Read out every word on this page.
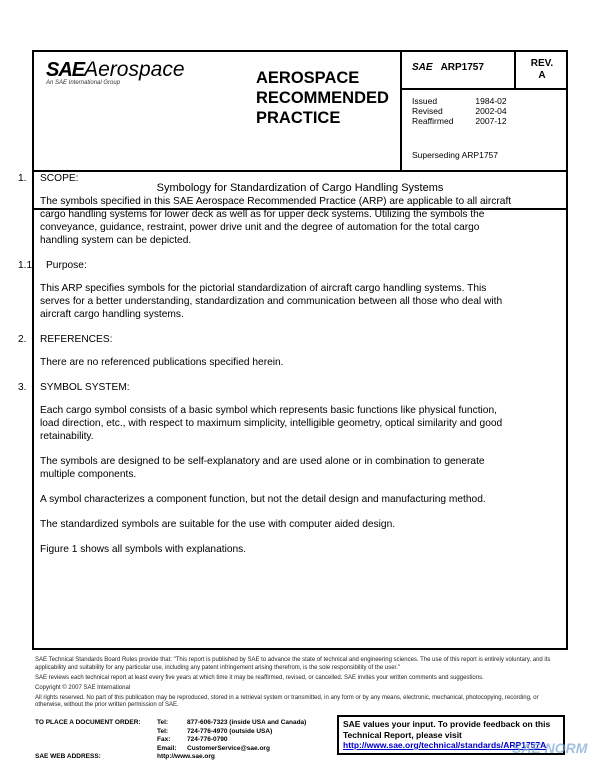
SAEAerospace
An SAE International Group	AEROSPACE
RECOMMENDED
PRACTICE
SAE ARP1757	REV.
A
Issued	1984-02
Revised	2002-04
Reaffirmed	2007-12
Superseding ARP1757
Symbology for Standardization of Cargo Handling Systems
1. SCOPE:
The symbols specified in this SAE Aerospace Recommended Practice (ARP) are applicable to all aircraft cargo handling systems for lower deck as well as for upper deck systems. Utilizing the symbols the conveyance, guidance, restraint, power drive unit and the degree of automation for the total cargo handling system can be depicted.
1.1 Purpose:
This ARP specifies symbols for the pictorial standardization of aircraft cargo handling systems. This serves for a better understanding, standardization and communication between all those who deal with aircraft cargo handling systems.
2. REFERENCES:
There are no referenced publications specified herein.
3. SYMBOL SYSTEM:
Each cargo symbol consists of a basic symbol which represents basic functions like physical function, load direction, etc., with respect to maximum simplicity, intelligible geometry, optical similarity and good retainability.
The symbols are designed to be self-explanatory and are used alone or in combination to generate multiple components.
A symbol characterizes a component function, but not the detail design and manufacturing method.
The standardized symbols are suitable for the use with computer aided design.
Figure 1 shows all symbols with explanations.

SAE Technical Standards Board Rules provide that: "This report is published by SAE to advance the state of technical and engineering sciences. The use of this report is entirely voluntary, and its applicability and suitability for any particular use, including any patent infringement arising therefrom, is the sole responsibility of the user."

SAE reviews each technical report at least every five years at which time it may be reaffirmed, revised, or cancelled. SAE invites your written comments and suggestions.

Copyright © 2007 SAE International

All rights reserved. No part of this publication may be reproduced, stored in a retrieval system or transmitted, in any form or by any means, electronic, mechanical, photocopying, recording, or otherwise, without the prior written permission of SAE.

TO PLACE A DOCUMENT ORDER:	Tel:	877-606-7323 (inside USA and Canada)
Tel:	724-776-4970 (outside USA)
Fax:	724-776-0790
Email:	CustomerService@sae.org
SAE WEB ADDRESS:	http://www.sae.org
SAE values your input. To provide feedback on this Technical Report, please visit
http://www.sae.org/technical/standards/ARP1757A
SAE NORM
